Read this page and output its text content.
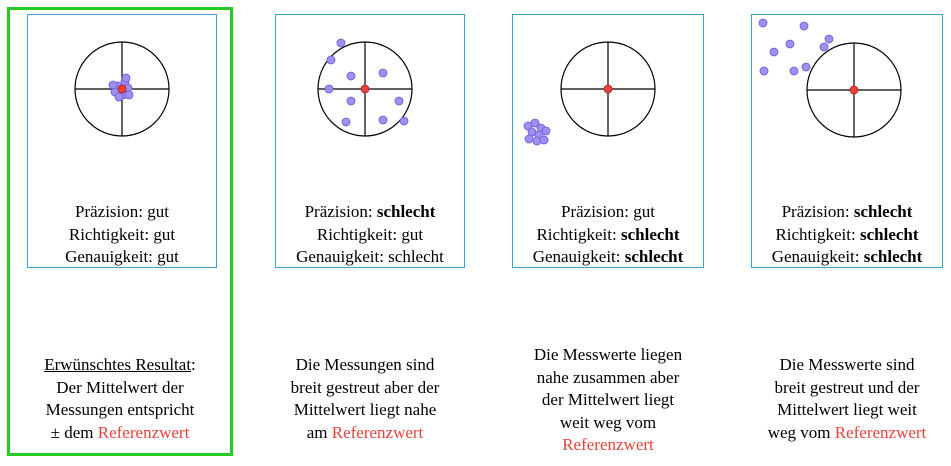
Präzision: gut
Richtigkeit: gut
Genauigkeit: gut
Präzision: schlecht
Richtigkeit: gut
Genauigkeit: schlecht
Präzision: gut
Richtigkeit: schlecht
Genauigkeit: schlecht
Präzision: schlecht
Richtigkeit: schlecht
Genauigkeit: schlecht
Erwünschtes Resultat:
Der Mittelwert der
Messungen entspricht
± dem Referenzwert
Die Messungen sind
breit gestreut aber der
Mittelwert liegt nahe
am Referenzwert
Die Messwerte liegen
nahe zusammen aber
der Mittelwert liegt
weit weg vom
Referenzwert
Die Messwerte sind
breit gestreut und der
Mittelwert liegt weit
weg vom Referenzwert
